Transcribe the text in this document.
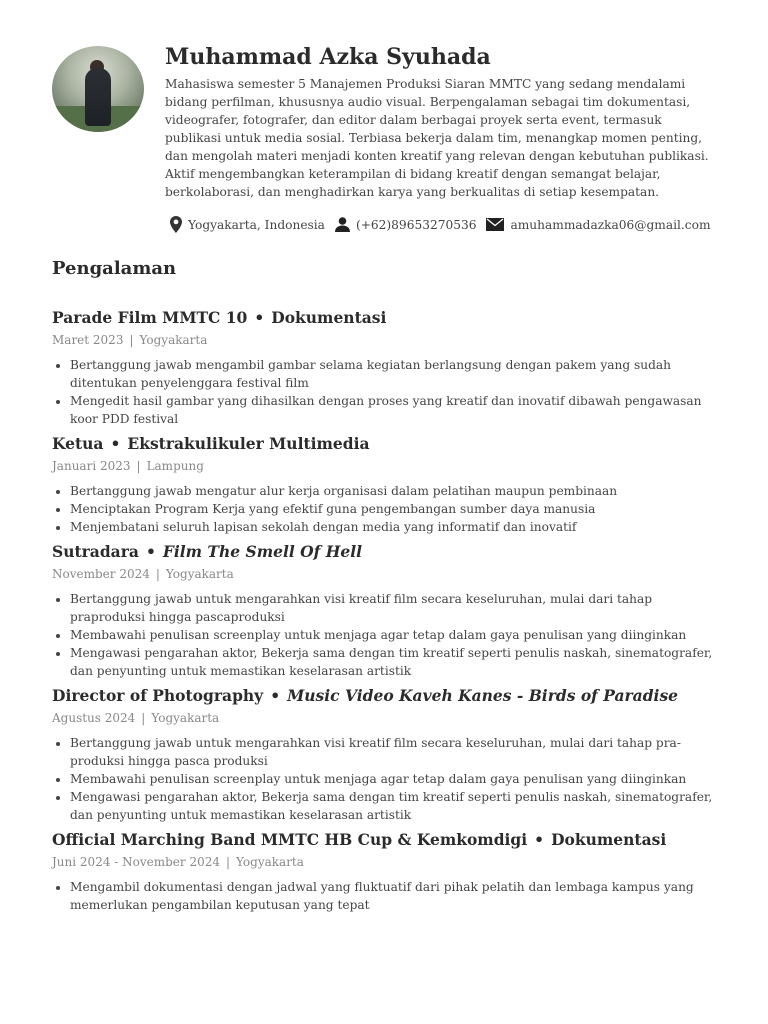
Muhammad Azka Syuhada
Mahasiswa semester 5 Manajemen Produksi Siaran MMTC yang sedang mendalami bidang perfilman, khususnya audio visual. Berpengalaman sebagai tim dokumentasi, videografer, fotografer, dan editor dalam berbagai proyek serta event, termasuk publikasi untuk media sosial. Terbiasa bekerja dalam tim, menangkap momen penting, dan mengolah materi menjadi konten kreatif yang relevan dengan kebutuhan publikasi. Aktif mengembangkan keterampilan di bidang kreatif dengan semangat belajar, berkolaborasi, dan menghadirkan karya yang berkualitas di setiap kesempatan.
Yogyakarta, Indonesia	(+62)89653270536	amuhammadazka06@gmail.com
Pengalaman
Parade Film MMTC 10 • Dokumentasi
Maret 2023 | Yogyakarta
• Bertanggung jawab mengambil gambar selama kegiatan berlangsung dengan pakem yang sudah ditentukan penyelenggara festival film
• Mengedit hasil gambar yang dihasilkan dengan proses yang kreatif dan inovatif dibawah pengawasan koor PDD festival
Ketua • Ekstrakulikuler Multimedia
Januari 2023 | Lampung
• Bertanggung jawab mengatur alur kerja organisasi dalam pelatihan maupun pembinaan
• Menciptakan Program Kerja yang efektif guna pengembangan sumber daya manusia
• Menjembatani seluruh lapisan sekolah dengan media yang informatif dan inovatif
Sutradara • Film The Smell Of Hell
November 2024 | Yogyakarta
• Bertanggung jawab untuk mengarahkan visi kreatif film secara keseluruhan, mulai dari tahap praproduksi hingga pascaproduksi
• Membawahi penulisan screenplay untuk menjaga agar tetap dalam gaya penulisan yang diinginkan
• Mengawasi pengarahan aktor, Bekerja sama dengan tim kreatif seperti penulis naskah, sinematografer, dan penyunting untuk memastikan keselarasan artistik
Director of Photography • Music Video Kaveh Kanes - Birds of Paradise
Agustus 2024 | Yogyakarta
• Bertanggung jawab untuk mengarahkan visi kreatif film secara keseluruhan, mulai dari tahap pra-produksi hingga pasca produksi
• Membawahi penulisan screenplay untuk menjaga agar tetap dalam gaya penulisan yang diinginkan
• Mengawasi pengarahan aktor, Bekerja sama dengan tim kreatif seperti penulis naskah, sinematografer, dan penyunting untuk memastikan keselarasan artistik
Official Marching Band MMTC HB Cup & Kemkomdigi • Dokumentasi
Juni 2024 - November 2024 | Yogyakarta
• Mengambil dokumentasi dengan jadwal yang fluktuatif dari pihak pelatih dan lembaga kampus yang memerlukan pengambilan keputusan yang tepat
